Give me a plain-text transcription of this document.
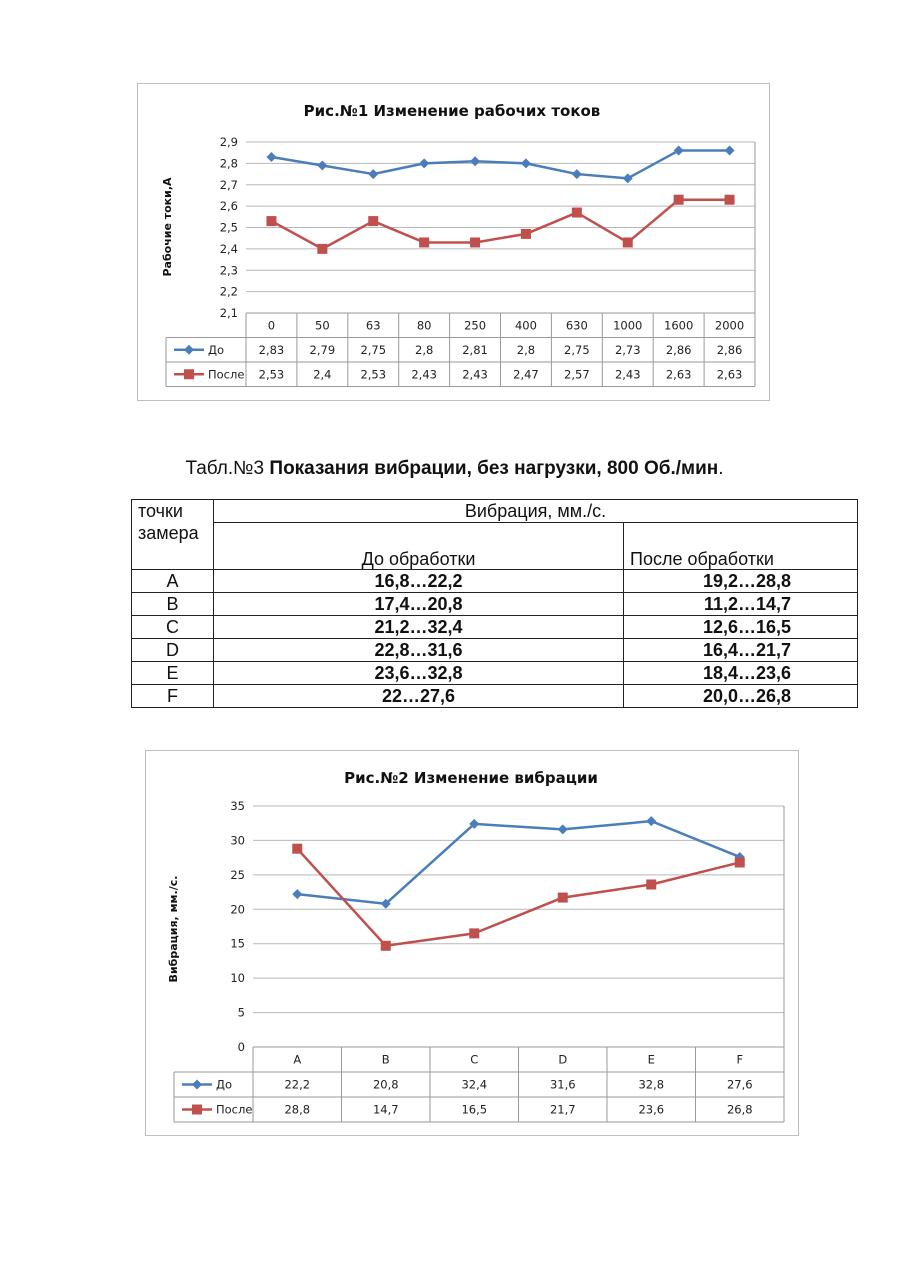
Рис.№1 Изменение рабочих токов
Рабочие токи,А
2,9
2,8
2,7
2,6
2,5
2,4
2,3
2,2
2,1
0	50	63	80	250	400	630 1000 1600 2000
До	2,83 2,79 2,75	2,8	2,81	2,8	2,75 2,73 2,86 2,86
После 2,53	2,4	2,53 2,43 2,43 2,47 2,57 2,43 2,63 2,63
Табл.№3 Показания вибрации, без нагрузки, 800 Об./мин.
точки
замера	Вибрация, мм./с.	
	До обработки	После обработки
A	16,8…22,2	19,2…28,8
B	17,4…20,8	11,2…14,7
C	21,2…32,4	12,6…16,5
D	22,8…31,6	16,4…21,7
E	23,6…32,8	18,4…23,6
F	22…27,6	20,0…26,8
Рис.№2 Изменение вибрации
Вибрация, мм./с.
35
30
25
20
15
10
5
0
A	B	C	D	E	F
До	22,2	20,8	32,4	31,6	32,8	27,6
После	28,8	14,7	16,5	21,7	23,6	26,8
